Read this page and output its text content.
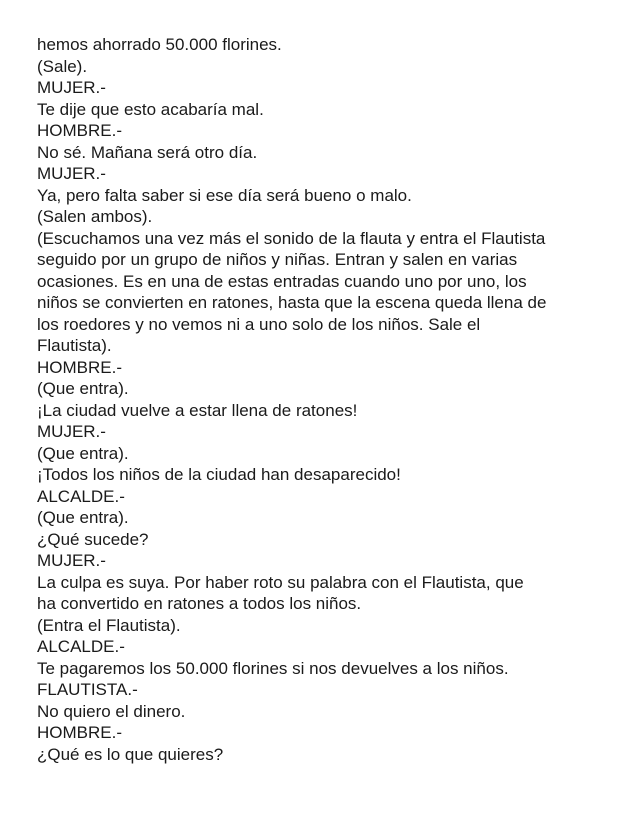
hemos ahorrado 50.000 florines.
(Sale).
MUJER.-
Te dije que esto acabaría mal.
HOMBRE.-
No sé. Mañana será otro día.
MUJER.-
Ya, pero falta saber si ese día será bueno o malo.
(Salen ambos).
(Escuchamos una vez más el sonido de la flauta y entra el Flautista
seguido por un grupo de niños y niñas. Entran y salen en varias
ocasiones. Es en una de estas entradas cuando uno por uno, los
niños se convierten en ratones, hasta que la escena queda llena de
los roedores y no vemos ni a uno solo de los niños. Sale el
Flautista).
HOMBRE.-
(Que entra).
¡La ciudad vuelve a estar llena de ratones!
MUJER.-
(Que entra).
¡Todos los niños de la ciudad han desaparecido!
ALCALDE.-
(Que entra).
¿Qué sucede?
MUJER.-
La culpa es suya. Por haber roto su palabra con el Flautista, que
ha convertido en ratones a todos los niños.
(Entra el Flautista).
ALCALDE.-
Te pagaremos los 50.000 florines si nos devuelves a los niños.
FLAUTISTA.-
No quiero el dinero.
HOMBRE.-
¿Qué es lo que quieres?
